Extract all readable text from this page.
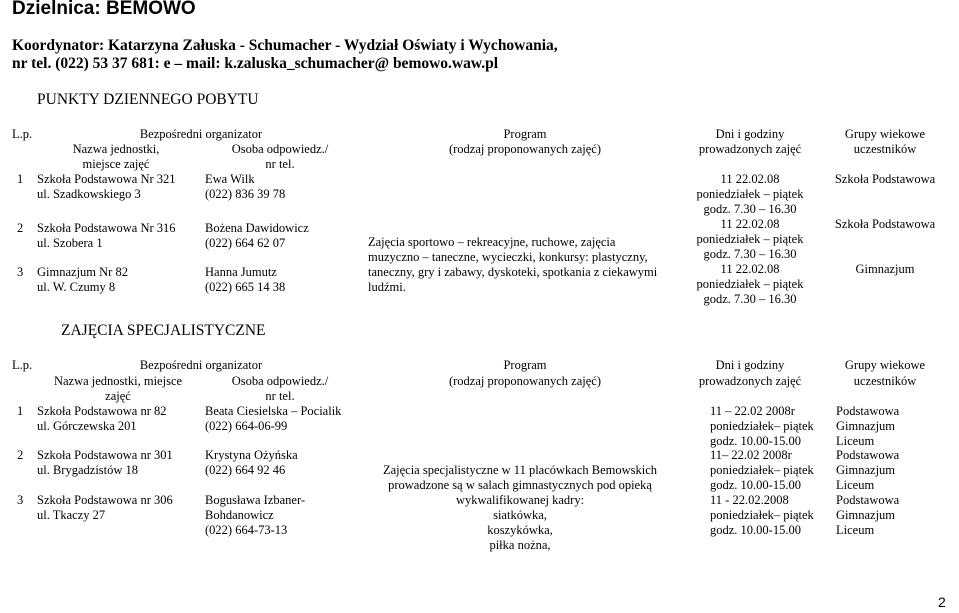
Dzielnica: BEMOWO
Koordynator: Katarzyna Załuska - Schumacher - Wydział Oświaty i Wychowania,
nr tel. (022) 53 37 681: e – mail: k.zaluska_schumacher@ bemowo.waw.pl
PUNKTY DZIENNEGO POBYTU
L.p.	Bezpośredni organizator
Nazwa jednostki,
miejsce zajęć
Osoba odpowiedz./
nr tel.
Program
(rodzaj proponowanych zajęć)
Dni i godziny
prowadzonych zajęć
Grupy wiekowe
uczestników
1 Szkoła Podstawowa Nr 321
ul. Szadkowskiego 3
Ewa Wilk
(022) 836 39 78
11 22.02.08
poniedziałek – piątek
godz. 7.30 – 16.30
Szkoła Podstawowa
2 Szkoła Podstawowa Nr 316
ul. Szobera 1
Bożena Dawidowicz
(022) 664 62 07
11 22.02.08
poniedziałek – piątek
godz. 7.30 – 16.30
Szkoła Podstawowa
3 Gimnazjum Nr 82
ul. W. Czumy 8
Hanna Jumutz
(022) 665 14 38
11 22.02.08
poniedziałek – piątek
godz. 7.30 – 16.30
Gimnazjum
Zajęcia sportowo – rekreacyjne, ruchowe, zajęcia
muzyczno – taneczne, wycieczki, konkursy: plastyczny,
taneczny, gry i zabawy, dyskoteki, spotkania z ciekawymi
ludźmi.
ZAJĘCIA SPECJALISTYCZNE
L.p.	Bezpośredni organizator
Nazwa jednostki, miejsce
zajęć
Osoba odpowiedz./
nr tel.
Program
(rodzaj proponowanych zajęć)
Dni i godziny
prowadzonych zajęć
Grupy wiekowe
uczestników
1 Szkoła Podstawowa nr 82
ul. Górczewska 201
Beata Ciesielska – Pocialik
(022) 664-06-99
11 – 22.02 2008r
poniedziałek– piątek
godz. 10.00-15.00
Podstawowa
Gimnazjum
Liceum
2 Szkoła Podstawowa nr 301
ul. Brygadzistów 18
Krystyna Ożyńska
(022) 664 92 46
11– 22.02 2008r
poniedziałek– piątek
godz. 10.00-15.00
Podstawowa
Gimnazjum
Liceum
3 Szkoła Podstawowa nr 306
ul. Tkaczy 27
Bogusława Izbaner-
Bohdanowicz
(022) 664-73-13
11 - 22.02.2008
poniedziałek– piątek
godz. 10.00-15.00
Podstawowa
Gimnazjum
Liceum
Zajęcia specjalistyczne w 11 placówkach Bemowskich
prowadzone są w salach gimnastycznych pod opieką
wykwalifikowanej kadry:
siatkówka,
koszykówka,
piłka nożna,
2
